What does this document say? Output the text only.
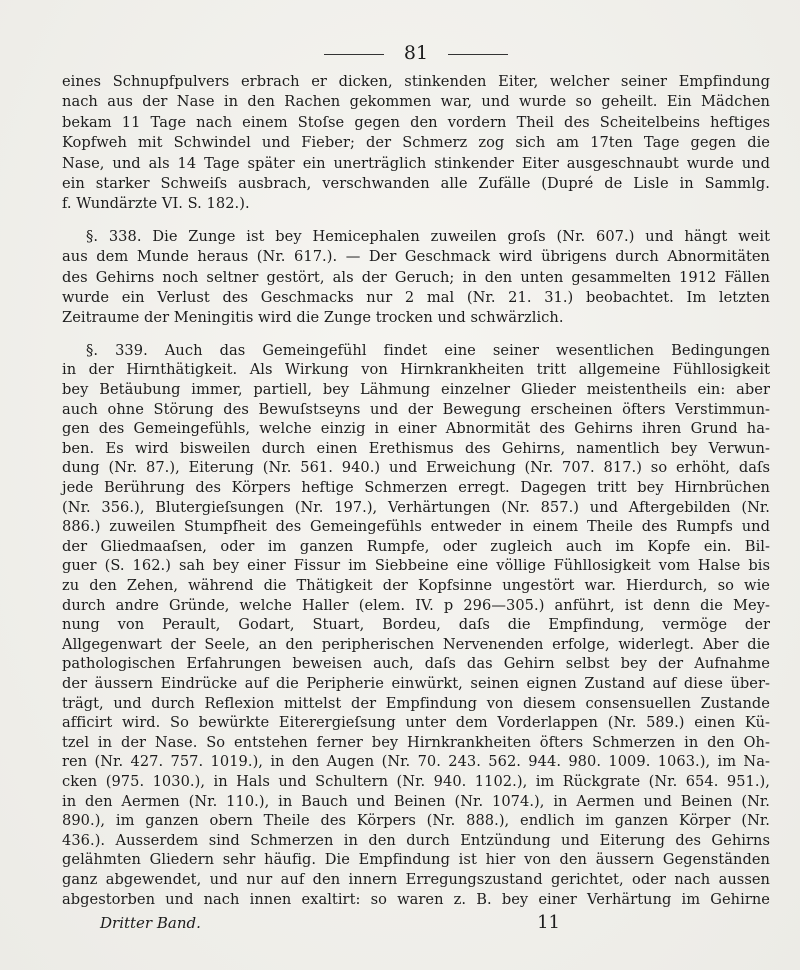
81
eines Schnupfpulvers erbrach er dicken, stinkenden Eiter, welcher seiner Empfindung
nach aus der Nase in den Rachen gekommen war, und wurde so geheilt. Ein Mädchen
bekam 11 Tage nach einem Stoſse gegen den vordern Theil des Scheitelbeins heftiges
Kopfweh mit Schwindel und Fieber; der Schmerz zog sich am 17ten Tage gegen die
Nase, und als 14 Tage später ein unerträglich stinkender Eiter ausgeschnaubt wurde und
ein starker Schweiſs ausbrach, verschwanden alle Zufälle (Dupré de Lisle in Sammlg.
f. Wundärzte VI. S. 182.).
§. 338. Die Zunge ist bey Hemicephalen zuweilen groſs (Nr. 607.) und hängt weit
aus dem Munde heraus (Nr. 617.). — Der Geschmack wird übrigens durch Abnormitäten
des Gehirns noch seltner gestört, als der Geruch; in den unten gesammelten 1912 Fällen
wurde ein Verlust des Geschmacks nur 2 mal (Nr. 21. 31.) beobachtet. Im letzten
Zeitraume der Meningitis wird die Zunge trocken und schwärzlich.
§. 339. Auch das Gemeingefühl findet eine seiner wesentlichen Bedingungen
in der Hirnthätigkeit. Als Wirkung von Hirnkrankheiten tritt allgemeine Fühllosigkeit
bey Betäubung immer, partiell, bey Lähmung einzelner Glieder meistentheils ein: aber
auch ohne Störung des Bewuſstseyns und der Bewegung erscheinen öfters Verstimmun-
gen des Gemeingefühls, welche einzig in einer Abnormität des Gehirns ihren Grund ha-
ben. Es wird bisweilen durch einen Erethismus des Gehirns, namentlich bey Verwun-
dung (Nr. 87.), Eiterung (Nr. 561. 940.) und Erweichung (Nr. 707. 817.) so erhöht, daſs
jede Berührung des Körpers heftige Schmerzen erregt. Dagegen tritt bey Hirnbrüchen
(Nr. 356.), Blutergieſsungen (Nr. 197.), Verhärtungen (Nr. 857.) und Aftergebilden (Nr.
886.) zuweilen Stumpfheit des Gemeingefühls entweder in einem Theile des Rumpfs und
der Gliedmaaſsen, oder im ganzen Rumpfe, oder zugleich auch im Kopfe ein. Bil-
guer (S. 162.) sah bey einer Fissur im Siebbeine eine völlige Fühllosigkeit vom Halse bis
zu den Zehen, während die Thätigkeit der Kopfsinne ungestört war. Hierdurch, so wie
durch andre Gründe, welche Haller (elem. IV. p 296—305.) anführt, ist denn die Mey-
nung von Perault, Godart, Stuart, Bordeu, daſs die Empfindung, vermöge der
Allgegenwart der Seele, an den peripherischen Nervenenden erfolge, widerlegt. Aber die
pathologischen Erfahrungen beweisen auch, daſs das Gehirn selbst bey der Aufnahme
der äussern Eindrücke auf die Peripherie einwürkt, seinen eignen Zustand auf diese über-
trägt, und durch Reflexion mittelst der Empfindung von diesem consensuellen Zustande
afficirt wird. So bewürkte Eiterergieſsung unter dem Vorderlappen (Nr. 589.) einen Kü-
tzel in der Nase. So entstehen ferner bey Hirnkrankheiten öfters Schmerzen in den Oh-
ren (Nr. 427. 757. 1019.), in den Augen (Nr. 70. 243. 562. 944. 980. 1009. 1063.), im Na-
cken (975. 1030.), in Hals und Schultern (Nr. 940. 1102.), im Rückgrate (Nr. 654. 951.),
in den Aermen (Nr. 110.), in Bauch und Beinen (Nr. 1074.), in Aermen und Beinen (Nr.
890.), im ganzen obern Theile des Körpers (Nr. 888.), endlich im ganzen Körper (Nr.
436.). Ausserdem sind Schmerzen in den durch Entzündung und Eiterung des Gehirns
gelähmten Gliedern sehr häufig. Die Empfindung ist hier von den äussern Gegenständen
ganz abgewendet, und nur auf den innern Erregungszustand gerichtet, oder nach aussen
abgestorben und nach innen exaltirt: so waren z. B. bey einer Verhärtung im Gehirne
Dritter Band.	11
